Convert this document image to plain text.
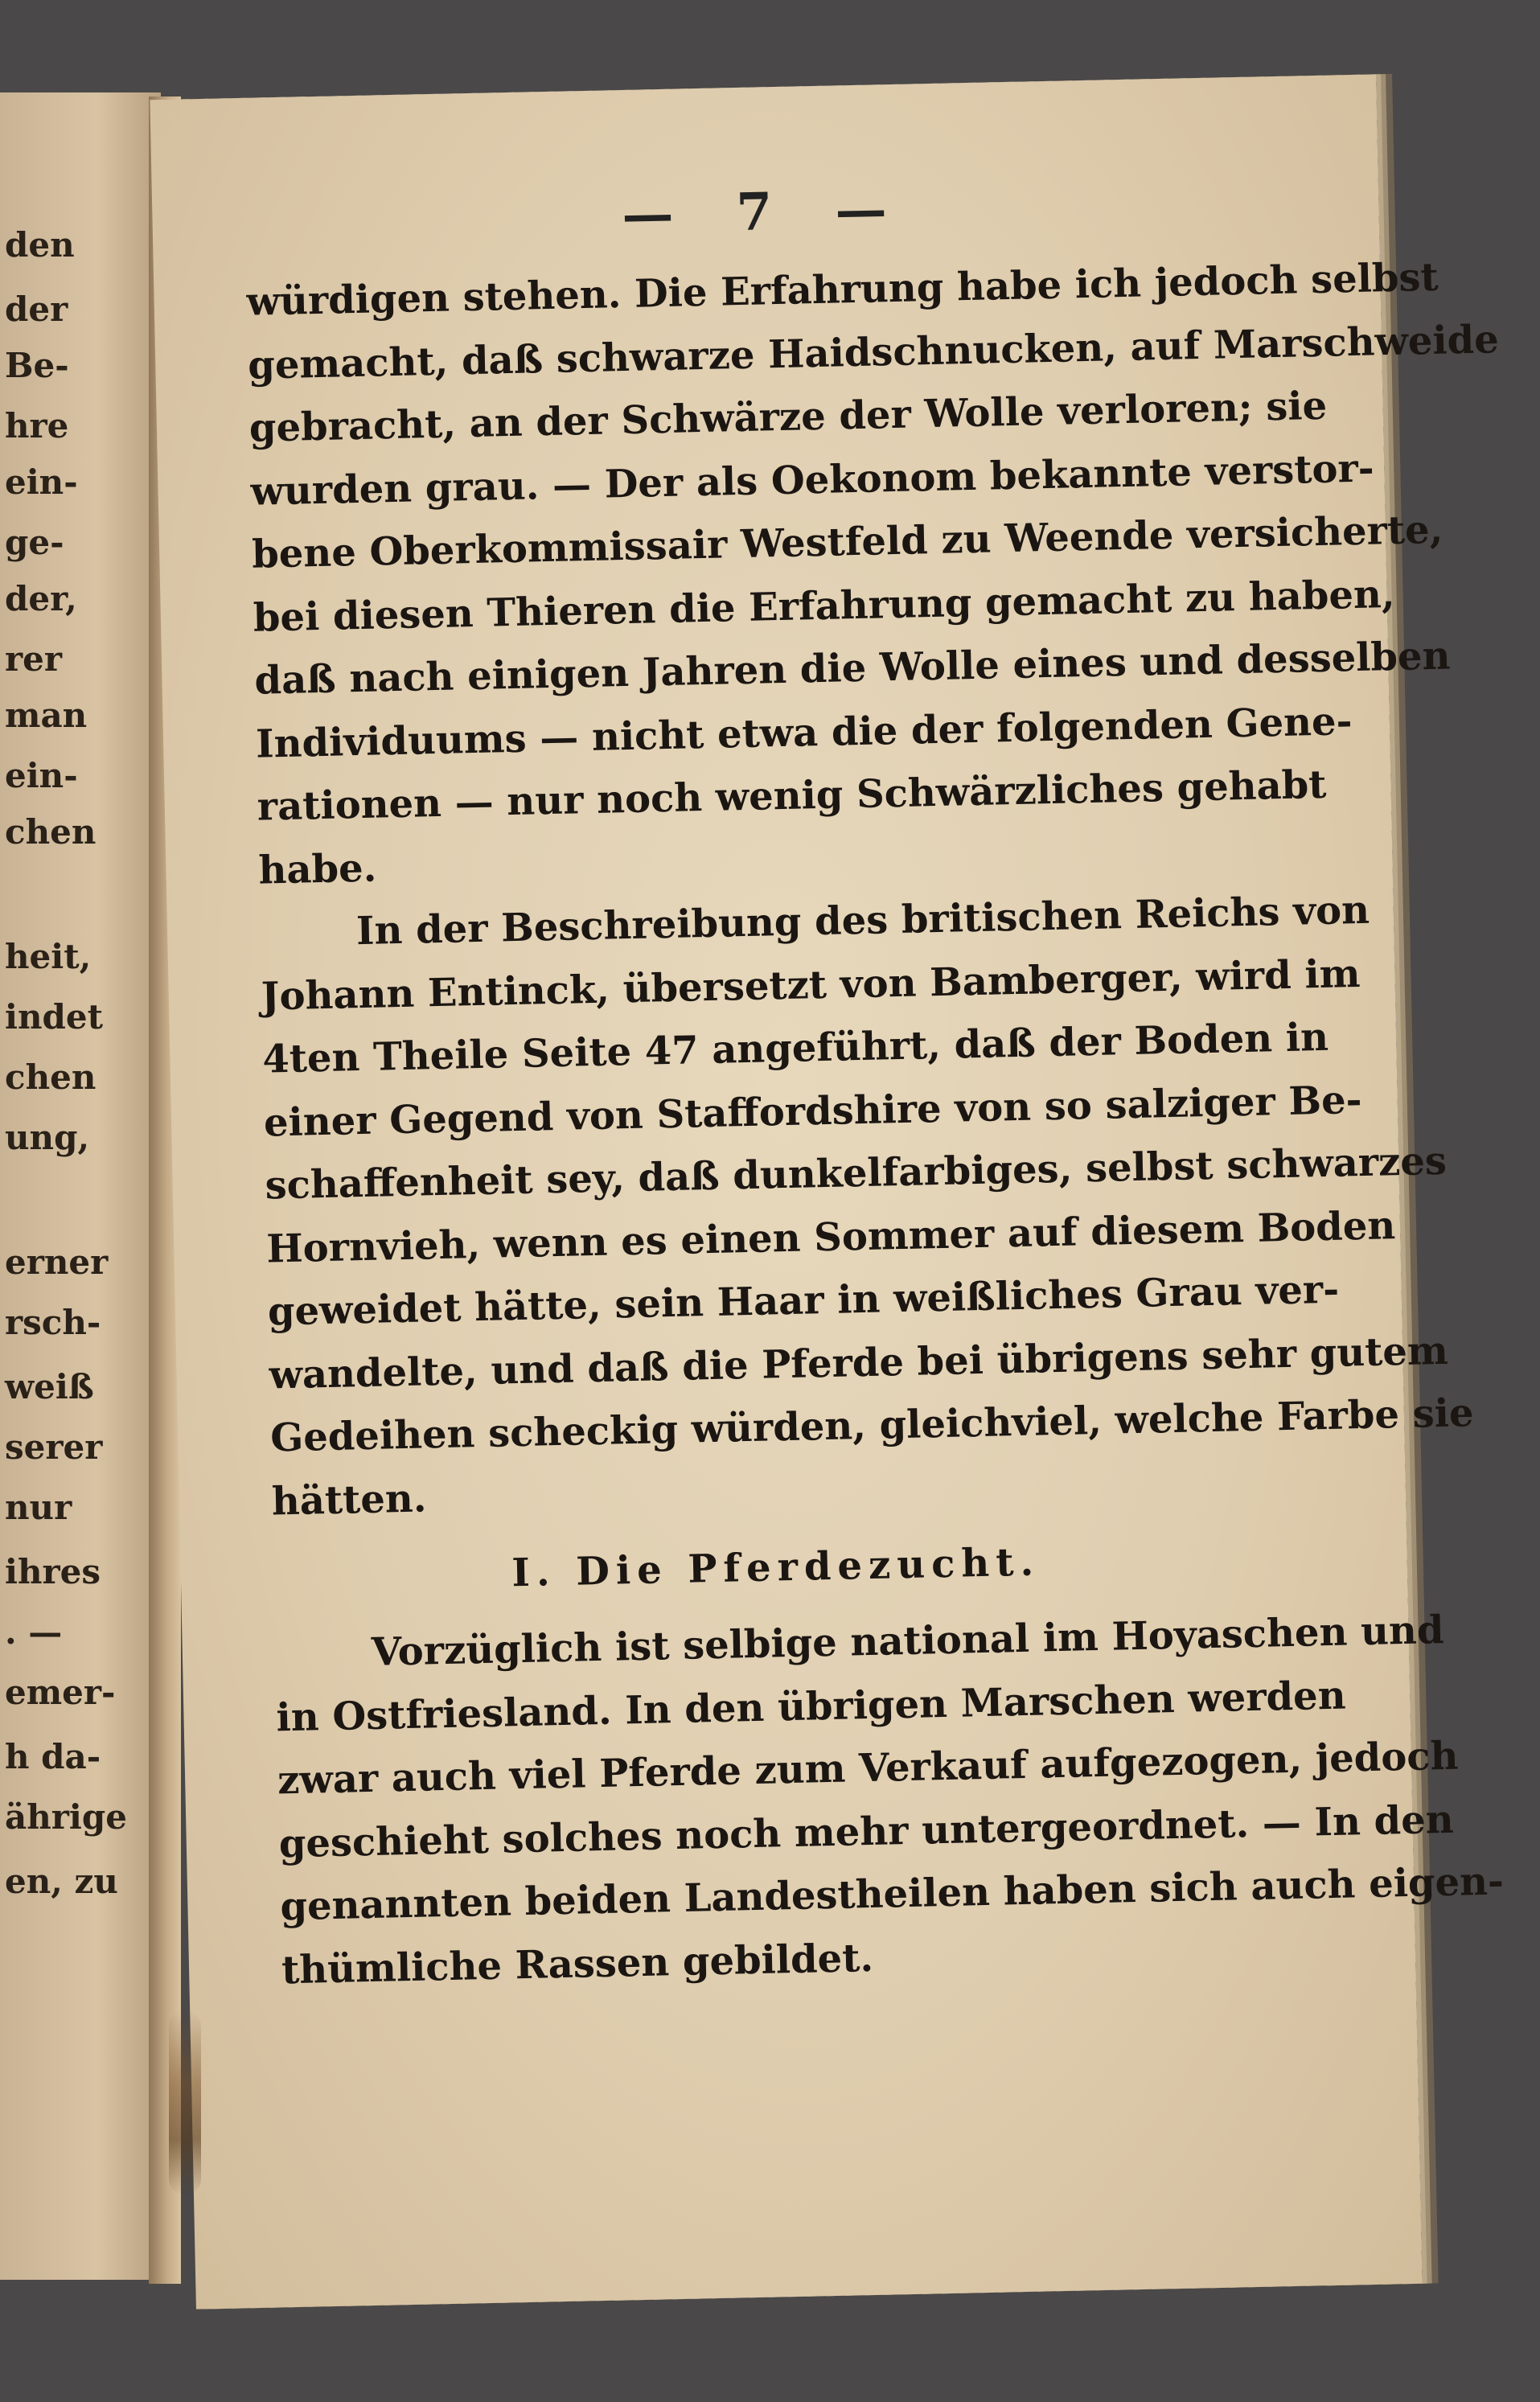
den
der
Be-
hre
ein-
ge-
der,
rer
man
ein-
chen
heit,
indet
chen
ung,
erner
rsch-
weiß
serer
nur
ihres
. —
emer-
h da-
ährige
en, zu
— 7 —
würdigen stehen. Die Erfahrung habe ich jedoch selbst
gemacht, daß schwarze Haidschnucken, auf Marschweide
gebracht, an der Schwärze der Wolle verloren; sie
wurden grau. — Der als Oekonom bekannte verstor-
bene Oberkommissair Westfeld zu Weende versicherte,
bei diesen Thieren die Erfahrung gemacht zu haben,
daß nach einigen Jahren die Wolle eines und desselben
Individuums — nicht etwa die der folgenden Gene-
rationen — nur noch wenig Schwärzliches gehabt
habe.
In der Beschreibung des britischen Reichs von
Johann Entinck, übersetzt von Bamberger, wird im
4ten Theile Seite 47 angeführt, daß der Boden in
einer Gegend von Staffordshire von so salziger Be-
schaffenheit sey, daß dunkelfarbiges, selbst schwarzes
Hornvieh, wenn es einen Sommer auf diesem Boden
geweidet hätte, sein Haar in weißliches Grau ver-
wandelte, und daß die Pferde bei übrigens sehr gutem
Gedeihen scheckig würden, gleichviel, welche Farbe sie
hätten.
I. Die Pferdezucht.
Vorzüglich ist selbige national im Hoyaschen und
in Ostfriesland. In den übrigen Marschen werden
zwar auch viel Pferde zum Verkauf aufgezogen, jedoch
geschieht solches noch mehr untergeordnet. — In den
genannten beiden Landestheilen haben sich auch eigen-
thümliche Rassen gebildet.
